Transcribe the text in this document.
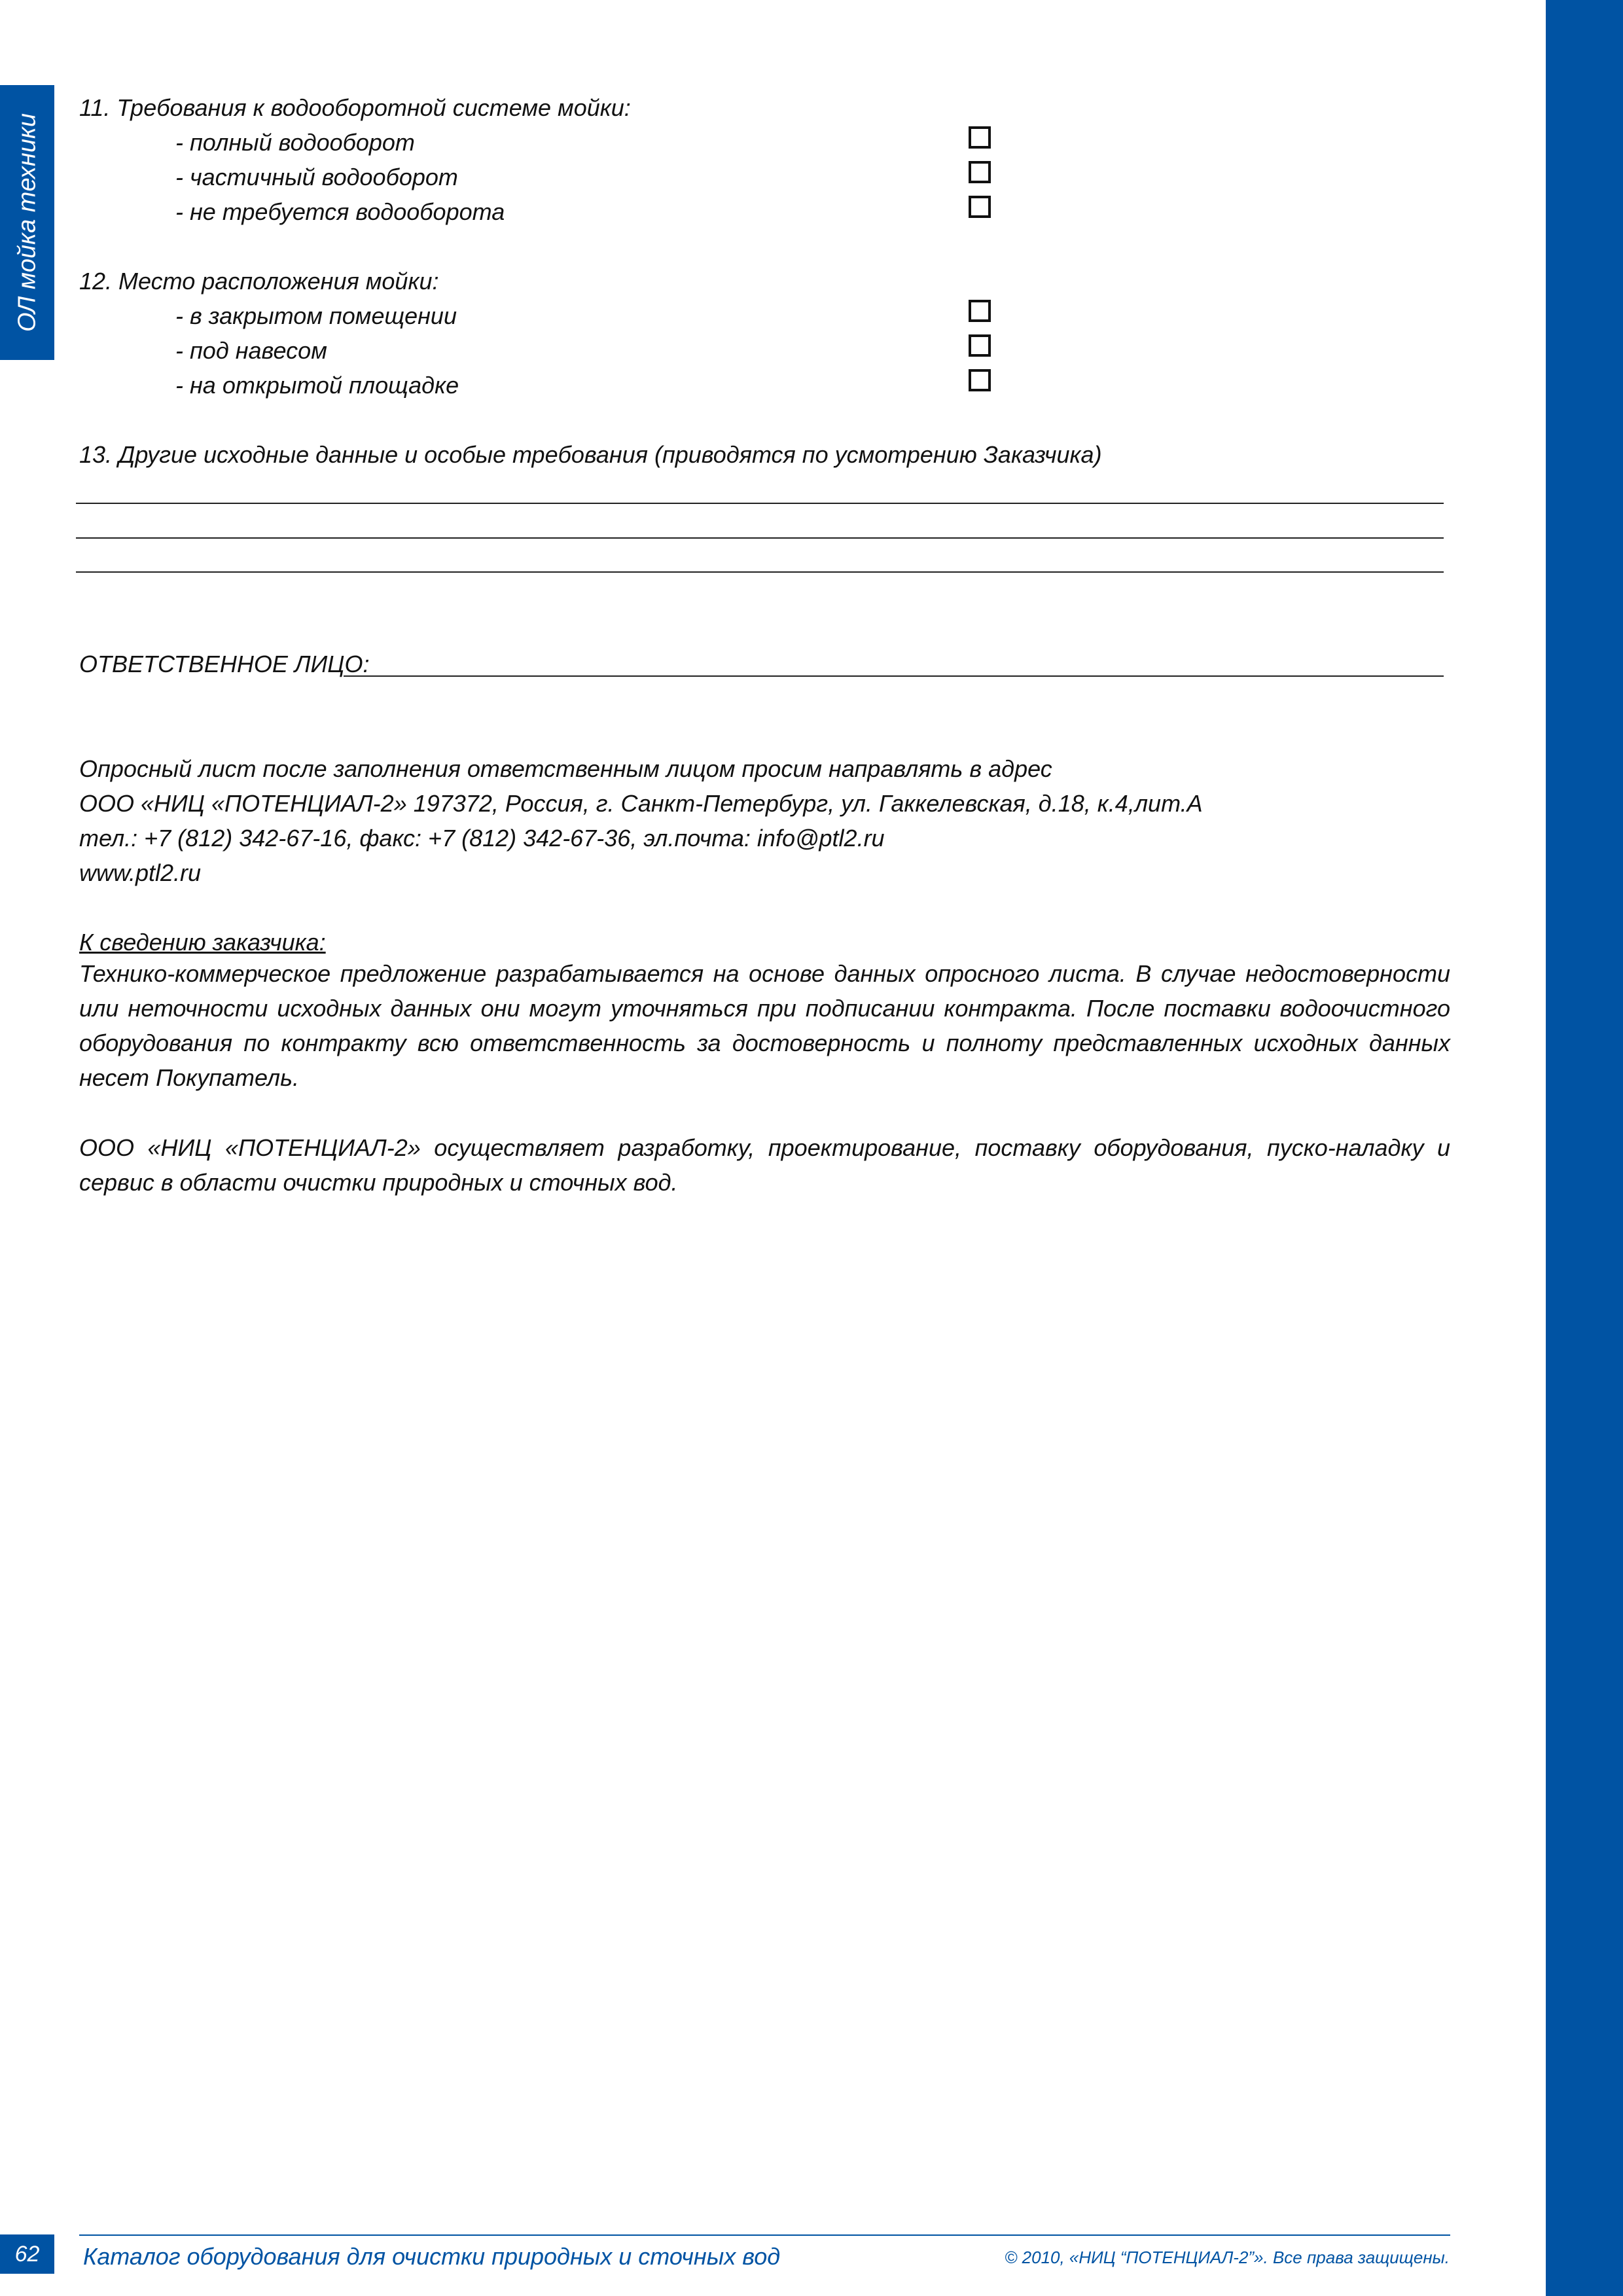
ОЛ мойка техники
11. Требования к водооборотной системе мойки:
- полный водооборот
- частичный водооборот
- не требуется водооборота
12. Место расположения мойки:
- в закрытом помещении
- под навесом
- на открытой площадке
13. Другие исходные данные и особые требования (приводятся по усмотрению Заказчика)
ОТВЕТСТВЕННОЕ ЛИЦО:
Опросный лист после заполнения ответственным лицом просим направлять в адрес
ООО «НИЦ «ПОТЕНЦИАЛ-2» 197372, Россия, г. Санкт-Петербург, ул. Гаккелевская, д.18, к.4,лит.А
тел.: +7 (812) 342-67-16, факс: +7 (812) 342-67-36, эл.почта: info@ptl2.ru
www.ptl2.ru
К сведению заказчика:
Технико-коммерческое предложение разрабатывается на основе данных опросного листа. В случае недостоверности или неточности исходных данных они могут уточняться при подписании контракта. После поставки водоочистного оборудования по контракту всю ответственность за достоверность и полноту представленных исходных данных несет Покупатель.
ООО «НИЦ «ПОТЕНЦИАЛ-2» осуществляет разработку, проектирование, поставку оборудования, пуско-наладку и сервис в области очистки природных и сточных вод.
62	Каталог оборудования для очистки природных и сточных вод	© 2010, «НИЦ “ПОТЕНЦИАЛ-2”». Все права защищены.
